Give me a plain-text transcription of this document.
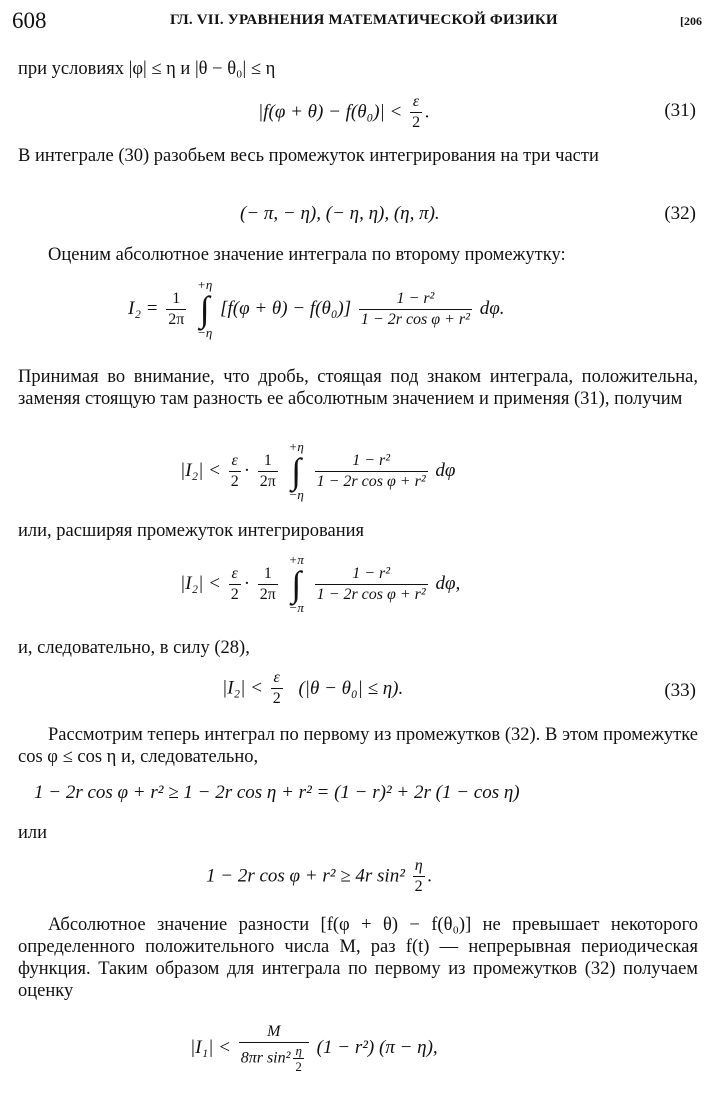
608	ГЛ. VII. УРАВНЕНИЯ МАТЕМАТИЧЕСКОЙ ФИЗИКИ	[206

при условиях |φ| ≤ η и |θ − θ₀| ≤ η

$|f(\varphi + \theta) - f(\theta_0)| < \frac{\varepsilon}{2}$ .	(31)

В интеграле (30) разобьем весь промежуток интегрирования на три части

(− π, − η), (− η, η), (η, π).	(32)

Оценим абсолютное значение интеграла по второму промежутку:

$I_2 = \frac{1}{2\pi}$

+η
∫
−η
$[f(\varphi + \theta) - f(\theta_0)] \frac{\text{1 − r²}}{\text{1 − 2r cos φ + r²}} d\varphi$.

Принимая во внимание, что дробь, стоящая под знаком интеграла, положительна, заменяя стоящую там разность ее абсолютным значением и применяя (31), получим

$|I_2| < \frac{\varepsilon}{2} \cdot \frac{1}{2\pi}$

+η
∫
−η

$\frac{\text{1 − r²}}{\text{1 − 2r cos φ + r²}}$ dφ

или, расширяя промежуток интегрирования

$|I_2| < \frac{\varepsilon}{2} \cdot \frac{1}{2\pi}$

+π
∫
−π

$\frac{\text{1 − r²}}{\text{1 − 2r cos φ + r²}} d\varphi$,

и, следовательно, в силу (28),

$|I_2| < \frac{\varepsilon}{2} (|\theta - \theta_0| \le \eta)$.	(33)

Рассмотрим теперь интеграл по первому из промежутков (32). В этом промежутке cos φ ≤ cos η и, следовательно,

1 − 2r cos φ + r² ≥ 1 − 2r cos η + r² = (1 − r)² + 2r (1 − cos η)

или

1 − 2r cos φ + r² ≥ 4r $\sin^2 \frac{\eta}{2}$ .

Абсолютное значение разности [f(φ + θ) − f(θ₀)] не превышает некоторого определенного положительного числа M, раз f(t) — непрерывная периодическая функция. Таким образом для интеграла по первому из промежутков (32) получаем оценку

$|I_1| < \frac{M}{8\pi r \sin^2 \frac{\eta}{2}} (1 - r^2) (\pi - \eta)$,
